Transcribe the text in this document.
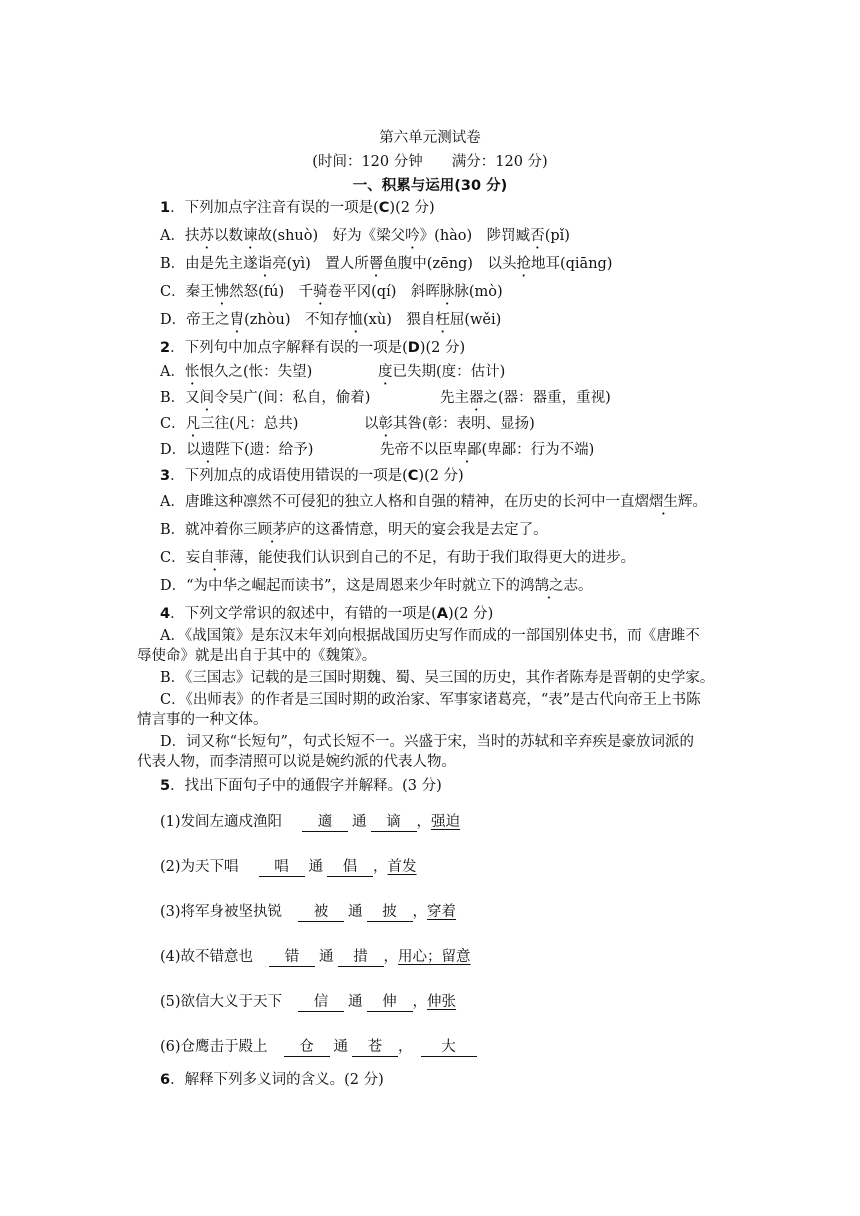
第六单元测试卷
(时间：120 分钟　　满分：120 分)
一、积累与运用(30 分)
1．下列加点字注音有误的一项是(C)(2 分)
A．扶苏以数谏故(shuò)　好为《梁父吟》(hào)　陟罚臧否(pǐ)
B．由是先主遂诣亮(yì)　置人所罾鱼腹中(zēng)　以头抢地耳(qiāng)
C．秦王怫然怒(fú)　千骑卷平冈(qí)　斜晖脉脉(mò)
D．帝王之胄(zhòu)　不知存恤(xù)　猥自枉屈(wěi)
2．下列句中加点字解释有误的一项是(D)(2 分)
A．怅恨久之(怅：失望)	度已失期(度：估计)
B．又间令吴广(间：私自，偷着)	先主器之(器：器重，重视)
C．凡三往(凡：总共)	以彰其咎(彰：表明、显扬)
D．以遗陛下(遗：给予)	先帝不以臣卑鄙(卑鄙：行为不端)
3．下列加点的成语使用错误的一项是(C)(2 分)
A．唐雎这种凛然不可侵犯的独立人格和自强的精神，在历史的长河中一直熠熠生辉。
B．就冲着你三顾茅庐的这番情意，明天的宴会我是去定了。
C．妄自菲薄，能使我们认识到自己的不足，有助于我们取得更大的进步。
D．“为中华之崛起而读书”，这是周恩来少年时就立下的鸿鹄之志。
4．下列文学常识的叙述中，有错的一项是(A)(2 分)
A．《战国策》是东汉末年刘向根据战国历史写作而成的一部国别体史书，而《唐雎不
辱使命》就是出自于其中的《魏策》。
B．《三国志》记载的是三国时期魏、蜀、吴三国的历史，其作者陈寿是晋朝的史学家。
C．《出师表》的作者是三国时期的政治家、军事家诸葛亮，“表”是古代向帝王上书陈
情言事的一种文体。
D．词又称“长短句”，句式长短不一。兴盛于宋，当时的苏轼和辛弃疾是豪放词派的
代表人物，而李清照可以说是婉约派的代表人物。
5．找出下面句子中的通假字并解释。(3 分)
(1)发闾左適戍渔阳 適 通 谪 ，强迫
(2)为天下唱 唱 通 倡 ，首发
(3)将军身被坚执锐 被 通 披 ，穿着
(4)故不错意也 错 通 措 ，用心；留意
(5)欲信大义于天下 信 通 伸 ，伸张
(6)仓鹰击于殿上 仓 通 苍 ， 大
6．解释下列多义词的含义。(2 分)
